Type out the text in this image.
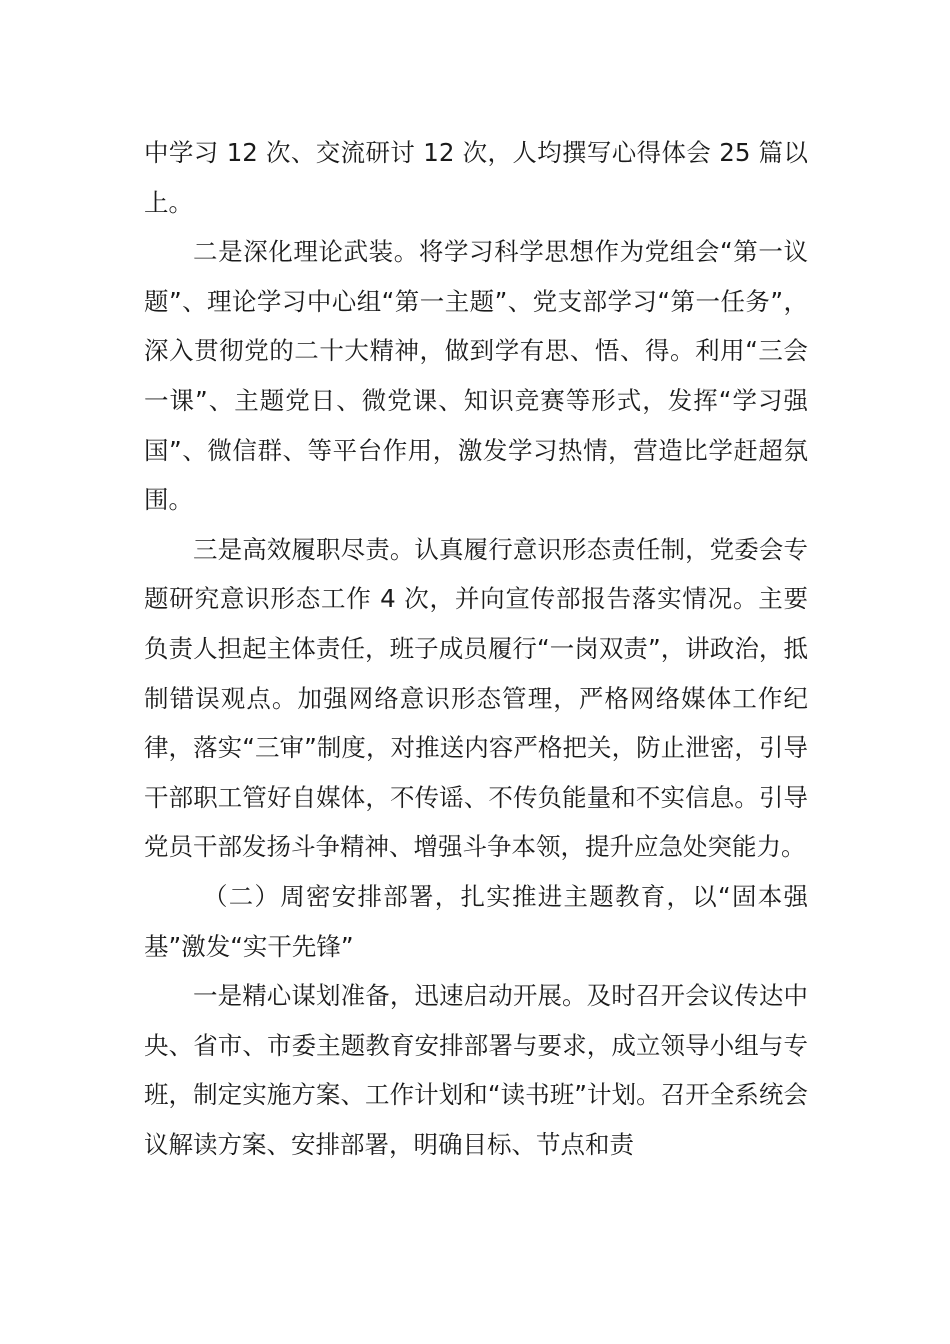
中学习 12 次、交流研讨 12 次，人均撰写心得体会 25 篇以上。

二是深化理论武装。将学习科学思想作为党组会“第一议题”、理论学习中心组“第一主题”、党支部学习“第一任务”，深入贯彻党的二十大精神，做到学有思、悟、得。利用“三会一课”、主题党日、微党课、知识竞赛等形式，发挥“学习强国”、微信群、等平台作用，激发学习热情，营造比学赶超氛围。

三是高效履职尽责。认真履行意识形态责任制，党委会专题研究意识形态工作 4 次，并向宣传部报告落实情况。主要负责人担起主体责任，班子成员履行“一岗双责”，讲政治，抵制错误观点。加强网络意识形态管理，严格网络媒体工作纪律，落实“三审”制度，对推送内容严格把关，防止泄密，引导干部职工管好自媒体，不传谣、不传负能量和不实信息。引导党员干部发扬斗争精神、增强斗争本领，提升应急处突能力。

（二）周密安排部署，扎实推进主题教育，以“固本强基”激发“实干先锋”

一是精心谋划准备，迅速启动开展。及时召开会议传达中央、省市、市委主题教育安排部署与要求，成立领导小组与专班，制定实施方案、工作计划和“读书班”计划。召开全系统会议解读方案、安排部署，明确目标、节点和责
